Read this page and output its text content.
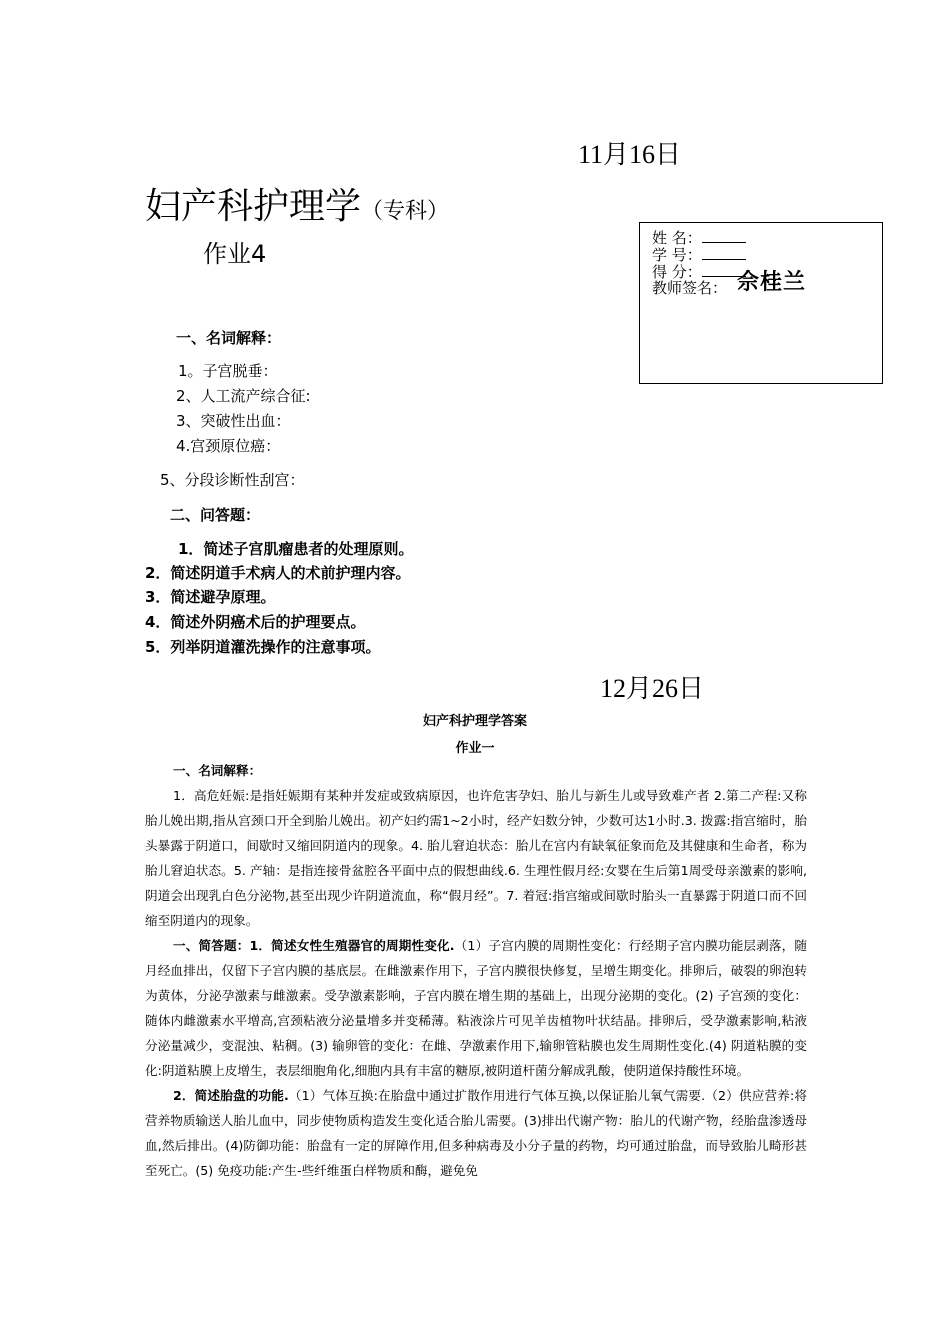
11月16日
妇产科护理学（专科）
作业4
姓 名：
学 号：
得 分：
教师签名： 佘桂兰
一、名词解释：
1。子宫脱垂：
2、人工流产综合征:
3、突破性出血：
4.宫颈原位癌：
5、分段诊断性刮宫：
二、问答题：
1．简述子宫肌瘤患者的处理原则。
2．简述阴道手术病人的术前护理内容。
3．简述避孕原理。
4．简述外阴癌术后的护理要点。
5．列举阴道灌洗操作的注意事项。
12月26日
妇产科护理学答案
作业一

一、名词解释：

1．高危妊娠:是指妊娠期有某种并发症或致病原因，也许危害孕妇、胎儿与新生儿或导致难产者 2.第二产程:又称胎儿娩出期,指从宫颈口开全到胎儿娩出。初产妇约需1~2小时，经产妇数分钟，少数可达1小时.3. 拨露:指宫缩时，胎头暴露于阴道口，间歇时又缩回阴道内的现象。4. 胎儿窘迫状态：胎儿在宫内有缺氧征象而危及其健康和生命者，称为胎儿窘迫状态。5. 产轴：是指连接骨盆腔各平面中点的假想曲线.6. 生理性假月经:女婴在生后第1周受母亲激素的影响,阴道会出现乳白色分泌物,甚至出现少许阴道流血，称“假月经”。7. 着冠:指宫缩或间歇时胎头一直暴露于阴道口而不回缩至阴道内的现象。

一、简答题：1．简述女性生殖器官的周期性变化.（1）子宫内膜的周期性变化：行经期子宫内膜功能层剥落，随月经血排出，仅留下子宫内膜的基底层。在雌激素作用下，子宫内膜很快修复，呈增生期变化。排卵后，破裂的卵泡转为黄体，分泌孕激素与雌激素。受孕激素影响，子宫内膜在增生期的基础上，出现分泌期的变化。(2) 子宫颈的变化：随体内雌激素水平增高,宫颈粘液分泌量增多并变稀薄。粘液涂片可见羊齿植物叶状结晶。排卵后，受孕激素影响,粘液分泌量减少，变混浊、粘稠。(3) 输卵管的变化：在雌、孕激素作用下,输卵管粘膜也发生周期性变化.(4) 阴道粘膜的变化:阴道粘膜上皮增生，表层细胞角化,细胞内具有丰富的糖原,被阴道杆菌分解成乳酸，使阴道保持酸性环境。

2．简述胎盘的功能.（1）气体互换:在胎盘中通过扩散作用进行气体互换,以保证胎儿氧气需要.（2）供应营养:将营养物质输送人胎儿血中，同步使物质构造发生变化适合胎儿需要。(3)排出代谢产物：胎儿的代谢产物，经胎盘渗透母血,然后排出。(4)防御功能：胎盘有一定的屏障作用,但多种病毒及小分子量的药物，均可通过胎盘，而导致胎儿畸形甚至死亡。(5) 免疫功能:产生-些纤维蛋白样物质和酶，避免免
